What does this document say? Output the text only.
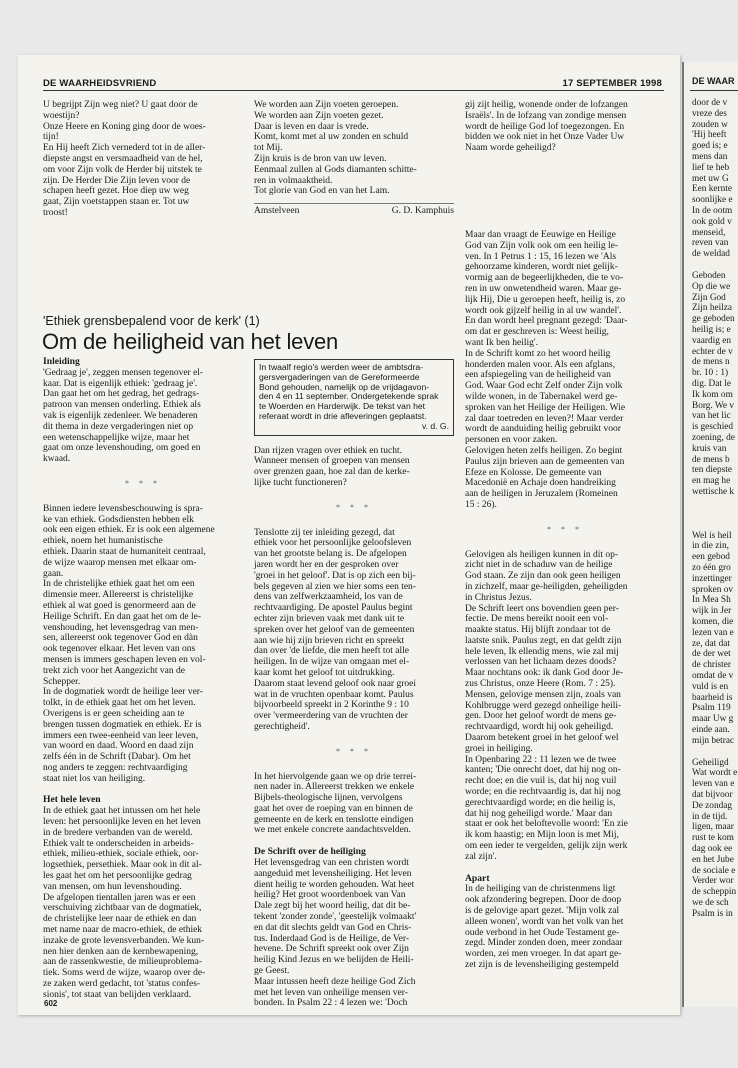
DE WAARHEIDSVRIEND	17 SEPTEMBER 1998

U begrijpt Zijn weg niet? U gaat door de

woestijn?

Onze Heere en Koning ging door de woes-

tijn!

En Hij heeft Zich vernederd tot in de aller-

diepste angst en versmaadheid van de hel,

om voor Zijn volk de Herder bij uitstek te

zijn. De Herder Die Zijn leven voor de

schapen heeft gezet. Hoe diep uw weg

gaat, Zijn voetstappen staan er. Tot uw

troost!

We worden aan Zijn voeten geroepen.

We worden aan Zijn voeten gezet.

Daar is leven en daar is vrede.

Komt, komt met al uw zonden en schuld

tot Mij.

Zijn kruis is de bron van uw leven.

Eenmaal zullen al Gods diamanten schitte-

ren in volmaaktheid.

Tot glorie van God en van het Lam.

Amstelveen	G. D. Kamphuis

gij zijt heilig, wonende onder de lofzangen

Israëls'. In de lofzang van zondige mensen

wordt de heilige God lof toegezongen. En

bidden we ook niet in het Onze Vader Uw

Naam worde geheiligd?

'Ethiek grensbepalend voor de kerk' (1)
Om de heiligheid van het leven
Inleiding

'Gedraag je', zeggen mensen tegenover el-

kaar. Dat is eigenlijk ethiek: 'gedraag je'.

Dan gaat het om het gedrag, het gedrags-

patroon van mensen onderling. Ethiek als

vak is eigenlijk zedenleer. We benaderen

dit thema in deze vergaderingen niet op

een wetenschappelijke wijze, maar het

gaat om onze levenshouding, om goed en

kwaad.

* * *

Binnen iedere levensbeschouwing is spra-

ke van ethiek. Godsdiensten hebben elk

ook een eigen ethiek. Er is ook een algemene

ethiek, noem het humanistische

ethiek. Daarin staat de humaniteit centraal,

de wijze waarop mensen met elkaar om-

gaan.

In de christelijke ethiek gaat het om een

dimensie meer. Allereerst is christelijke

ethiek al wat goed is genormeerd aan de

Heilige Schrift. En dan gaat het om de le-

venshouding, het levensgedrag van men-

sen, allereerst ook tegenover God en dàn

ook tegenover elkaar. Het leven van ons

mensen is immers geschapen leven en vol-

trekt zich voor het Aangezicht van de

Schepper.

In de dogmatiek wordt de heilige leer ver-

tolkt, in de ethiek gaat het om het leven.

Overigens is er geen scheiding aan te

brengen tussen dogmatiek en ethiek. Er is

immers een twee-eenheid van leer leven,

van woord en daad. Woord en daad zijn

zelfs één in de Schrift (Dabar). Om het

nog anders te zeggen: rechtvaardiging

staat niet los van heiliging.

Het hele leven

In de ethiek gaat het intussen om het hele

leven: het persoonlijke leven en het leven

in de bredere verbanden van de wereld.

Ethiek valt te onderscheiden in arbeids-

ethiek, milieu-ethiek, sociale ethiek, oor-

logsethiek, persethiek. Maar ook in dit al-

les gaat het om het persoonlijke gedrag

van mensen, om hun levenshouding.

De afgelopen tientallen jaren was er een

verschuiving zichtbaar van de dogmatiek,

de christelijke leer naar de ethiek en dan

met name naar de macro-ethiek, de ethiek

inzake de grote levensverbanden. We kun-

nen hier denken aan de kernbewapening,

aan de rassenkwestie, de milieuproblema-

tiek. Soms werd de wijze, waarop over de-

ze zaken werd gedacht, tot 'status confes-

sionis', tot staat van belijden verklaard.

In twaalf regio's werden weer de ambtsdra-

gersvergaderingen van de Gereformeerde

Bond gehouden, namelijk op de vrijdagavon-

den 4 en 11 september. Ondergetekende sprak

te Woerden en Harderwijk. De tekst van het

referaat wordt in drie afleveringen geplaatst.

v. d. G.

Dan rijzen vragen over ethiek en tucht.

Wanneer mensen of groepen van mensen

over grenzen gaan, hoe zal dan de kerke-

lijke tucht functioneren?

* * *

Tenslotte zij ter inleiding gezegd, dat

ethiek voor het persoonlijke geloofsleven

van het grootste belang is. De afgelopen

jaren wordt her en der gesproken over

'groei in het geloof'. Dat is op zich een bij-

bels gegeven al zien we hier soms een ten-

dens van zelfwerkzaamheid, los van de

rechtvaardiging. De apostel Paulus begint

echter zijn brieven vaak met dank uit te

spreken over het geloof van de gemeenten

aan wie hij zijn brieven richt en spreekt

dan over 'de liefde, die men heeft tot alle

heiligen. In de wijze van omgaan met el-

kaar komt het geloof tot uitdrukking.

Daarom staat levend geloof ook naar groei

wat in de vruchten openbaar komt. Paulus

bijvoorbeeld spreekt in 2 Korinthe 9 : 10

over 'vermeerdering van de vruchten der

gerechtigheid'.

* * *

In het hiervolgende gaan we op drie terrei-

nen nader in. Allereerst trekken we enkele

Bijbels-theologische lijnen, vervolgens

gaat het over de roeping van en binnen de

gemeente en de kerk en tenslotte eindigen

we met enkele concrete aandachtsvelden.

De Schrift over de heiliging

Het levensgedrag van een christen wordt

aangeduid met levensheiliging. Het leven

dient heilig te worden gehouden. Wat heet

heilig? Het groot woordenboek van Van

Dale zegt bij het woord heilig, dat dit be-

tekent 'zonder zonde', 'geestelijk volmaakt'

en dat dit slechts geldt van God en Chris-

tus. Inderdaad God is de Heilige, de Ver-

hevene. De Schrift spreekt ook over Zijn

heilig Kind Jezus en we belijden de Heili-

ge Geest.

Maar intussen heeft deze heilige God Zich

met het leven van onheilige mensen ver-

bonden. In Psalm 22 : 4 lezen we: 'Doch

Maar dan vraagt de Eeuwige en Heilige

God van Zijn volk ook om een heilig le-

ven. In 1 Petrus 1 : 15, 16 lezen we 'Als

gehoorzame kinderen, wordt niet gelijk-

vormig aan de begeerlijkheden, die te vo-

ren in uw onwetendheid waren. Maar ge-

lijk Hij, Die u geroepen heeft, heilig is, zo

wordt ook gijzelf heilig in al uw wandel'.

En dan wordt heel pregnant gezegd: 'Daar-

om dat er geschreven is: Weest heilig,

want Ik ben heilig'.

In de Schrift komt zo het woord heilig

honderden malen voor. Als een afglans,

een afspiegeling van de heiligheid van

God. Waar God echt Zelf onder Zijn volk

wilde wonen, in de Tabernakel werd ge-

sproken van het Heilige der Heiligen. Wie

zal daar toetreden en leven?! Maar verder

wordt de aanduiding heilig gebruikt voor

personen en voor zaken.

Gelovigen heten zelfs heiligen. Zo begint

Paulus zijn brieven aan de gemeenten van

Efeze en Kolosse. De gemeente van

Macedonië en Achaje doen handreiking

aan de heiligen in Jeruzalem (Romeinen

15 : 26).

* * *

Gelovigen als heiligen kunnen in dit op-

zicht niet in de schaduw van de heilige

God staan. Ze zijn dan ook geen heiligen

in zichzelf, maar ge-heiligden, geheiligden

in Christus Jezus.

De Schrift leert ons bovendien geen per-

fectie. De mens bereikt nooit een vol-

maakte status. Hij blijft zondaar tot de

laatste snik. Paulus zegt, en dat geldt zijn

hele leven, Ik ellendig mens, wie zal mij

verlossen van het lichaam dezes doods?

Maar nochtans ook: ik dank God door Je-

zus Christus, onze Heere (Rom. 7 : 25).

Mensen, gelovige mensen zijn, zoals van

Kohlbrugge werd gezegd onheilige heili-

gen. Door het geloof wordt de mens ge-

rechtvaardigd, wordt hij ook geheiligd.

Daarom betekent groei in het geloof wel

groei in heiliging.

In Openbaring 22 : 11 lezen we de twee

kanten; 'Die onrecht doet, dat hij nog on-

recht doe; en die vuil is, dat hij nog vuil

worde; en die rechtvaardig is, dat hij nog

gerechtvaardigd worde; en die heilig is,

dat hij nog geheiligd worde.' Maar dan

staat er ook het beloftevolle woord: 'En zie

ik kom haastig; en Mijn loon is met Mij,

om een ieder te vergelden, gelijk zijn werk

zal zijn'.

Apart

In de heiliging van de christenmens ligt

ook afzondering begrepen. Door de doop

is de gelovige apart gezet. 'Mijn volk zal

alleen wonen', wordt van het volk van het

oude verbond in het Oude Testament ge-

zegd. Minder zonden doen, meer zondaar

worden, zei men vroeger. In dat apart ge-

zet zijn is de levensheiliging gestempeld

602
DE WAAR

door de v

vreze des

zouden w

'Hij heeft

goed is; e

mens dan

lief te heb

met uw G

Een kernte

soonlijke e

In de ootm

ook gold v

menseid,

reven van

de weldad

Geboden

Op die we

Zijn God

Zijn heilza

ge geboden

heilig is; e

vaardig en

echter de v

de mens n

br. 10 : 1)

dig. Dat le

Ik kom om

Borg. We v

van het lic

is geschied

zoening, de

kruis van

de mens b

ten diepste

en mag he

wettische k

Wel is heil

in die zin,

een gebod

zo één gro

inzettinger

sproken ov

In Mea Sh

wijk in Jer

komen, die

lezen van e

ze, dat dat

de der wet

de christer

omdat de v

vuld is en

baarheid is

Psalm 119

maar Uw g

einde aan.

mijn betrac

Geheiligd

Wat wordt e

leven van e

dat bijvoor

De zondag

in de tijd.

ligen, maar

rust te kom

dag ook ee

en het Jube

de sociale e

Verder wor

de scheppin

we de sch

Psalm is in
